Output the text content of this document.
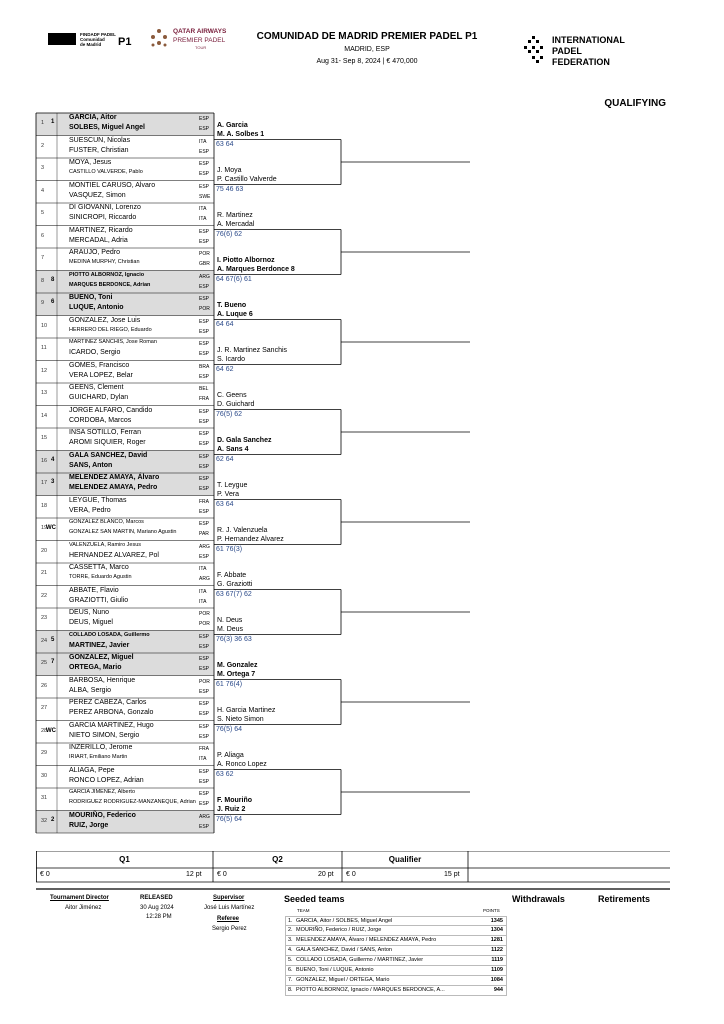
FINDADF PADEL
Comunidad
de Madrid P1
QATAR AIRWAYS
PREMIER PADEL
TOUR
INTERNATIONAL
PADEL
FEDERATION
COMUNIDAD DE MADRID PREMIER PADEL P1
MADRID, ESP
Aug 31- Sep 8, 2024 | € 470,000
QUALIFYING
1 1
GARCIA, Aitor
SOLBES, Miguel Angel
ESP
ESP
2
SUESCUN, Nicolas
FUSTER, Christian
ITA
ESP
3
MOYA, Jesus
CASTILLO VALVERDE, Pablo
ESP
ESP
4
MONTIEL CARUSO, Alvaro
VASQUEZ, Simon
ESP
SWE
5
DI GIOVANNI, Lorenzo
SINICROPI, Riccardo
ITA
ITA
6
MARTINEZ, Ricardo
MERCADAL, Adria
ESP
ESP
7
ARAUJO, Pedro
MEDINA MURPHY, Christian
POR
GBR
8 8
PIOTTO ALBORNOZ, Ignacio
MARQUES BERDONCE, Adrian
ARG
ESP
9 6
BUENO, Toni
LUQUE, Antonio
ESP
POR
10
GONZALEZ, Jose Luis
HERRERO DEL RIEGO, Eduardo
ESP
ESP
11
MARTINEZ SANCHIS, Jose Roman
ICARDO, Sergio
ESP
ESP
12
GOMES, Francisco
VERA LOPEZ, Belar
BRA
ESP
13
GEENS, Clement
GUICHARD, Dylan
BEL
FRA
14
JORGE ALFARO, Candido
CORDOBA, Marcos
ESP
ESP
15
INSA SOTILLO, Ferran
AROMI SIQUIER, Roger
ESP
ESP
16 4
GALA SANCHEZ, David
SANS, Anton
ESP
ESP
17 3
MELENDEZ AMAYA, Álvaro
MELENDEZ AMAYA, Pedro
ESP
ESP
18
LEYGUE, Thomas
VERA, Pedro
FRA
ESP
19
WC
GONZALEZ BLANCO, Marcos
GONZALEZ SAN MARTIN, Mariano Agustin
ESP
PAR
20
VALENZUELA, Ramiro Jesus
HERNANDEZ ALVAREZ, Pol
ARG
ESP
21
CASSETTA, Marco
TORRE, Eduardo Agustin
ITA
ARG
22
ABBATE, Flavio
GRAZIOTTI, Giulio
ITA
ITA
23
DEUS, Nuno
DEUS, Miguel
POR
POR
24 5
COLLADO LOSADA, Guillermo
MARTINEZ, Javier
ESP
ESP
25 7
GONZALEZ, Miguel
ORTEGA, Mario
ESP
ESP
26
BARBOSA, Henrique
ALBA, Sergio
POR
ESP
27
PEREZ CABEZA, Carlos
PEREZ ARBONA, Gonzalo
ESP
ESP
28
WC
GARCIA MARTINEZ, Hugo
NIETO SIMON, Sergio
ESP
ESP
29
INZERILLO, Jerome
IRIART, Emiliano Martin
FRA
ITA
30
ALIAGA, Pepe
RONCO LOPEZ, Adrian
ESP
ESP
31
GARCIA JIMENEZ, Alberto
RODRIGUEZ RODRIGUEZ-MANZANEQUE, Adrian
ESP
ESP
32 2
MOURIÑO, Federico
RUIZ, Jorge
ARG
ESP
A. Garcia
M. A. Solbes 1
63 64
J. Moya
P. Castillo Valverde
75 46 63
R. Martinez
A. Mercadal
76(6) 62
I. Piotto Albornoz
A. Marques Berdonce 8
64 67(6) 61
T. Bueno
A. Luque 6
64 64
J. R. Martinez Sanchis
S. Icardo
64 62
C. Geens
D. Guichard
76(5) 62
D. Gala Sanchez
A. Sans 4
62 64
T. Leygue
P. Vera
63 64
R. J. Valenzuela
P. Hernandez Alvarez
61 76(3)
F. Abbate
G. Graziotti
63 67(7) 62
N. Deus
M. Deus
76(3) 36 63
M. Gonzalez
M. Ortega 7
61 76(4)
H. Garcia Martinez
S. Nieto Simon
76(5) 64
P. Aliaga
A. Ronco Lopez
63 62
F. Mouriño
J. Ruiz 2
76(5) 64
Q1	Q2	Qualifier
€ 0	12 pt € 0	20 pt € 0	15 pt
Tournament Director
Aitor Jiménez
RELEASED
30 Aug 2024
12:28 PM
Supervisor
José Luis Martínez
Referee
Sergio Perez
Seeded teams
TEAM	POINTS
1. GARCIA, Aitor / SOLBES, Miguel Angel	1345
2. MOURIÑO, Federico / RUIZ, Jorge	1304
3. MELENDEZ AMAYA, Álvaro / MELENDEZ AMAYA, Pedro	1281
4. GALA SANCHEZ, David / SANS, Anton	1122
5. COLLADO LOSADA, Guillermo / MARTINEZ, Javier	1119
6. BUENO, Toni / LUQUE, Antonio	1109
7. GONZALEZ, Miguel / ORTEGA, Mario	1084
8. PIOTTO ALBORNOZ, Ignacio / MARQUES BERDONCE, A...	944
Withdrawals	Retirements
